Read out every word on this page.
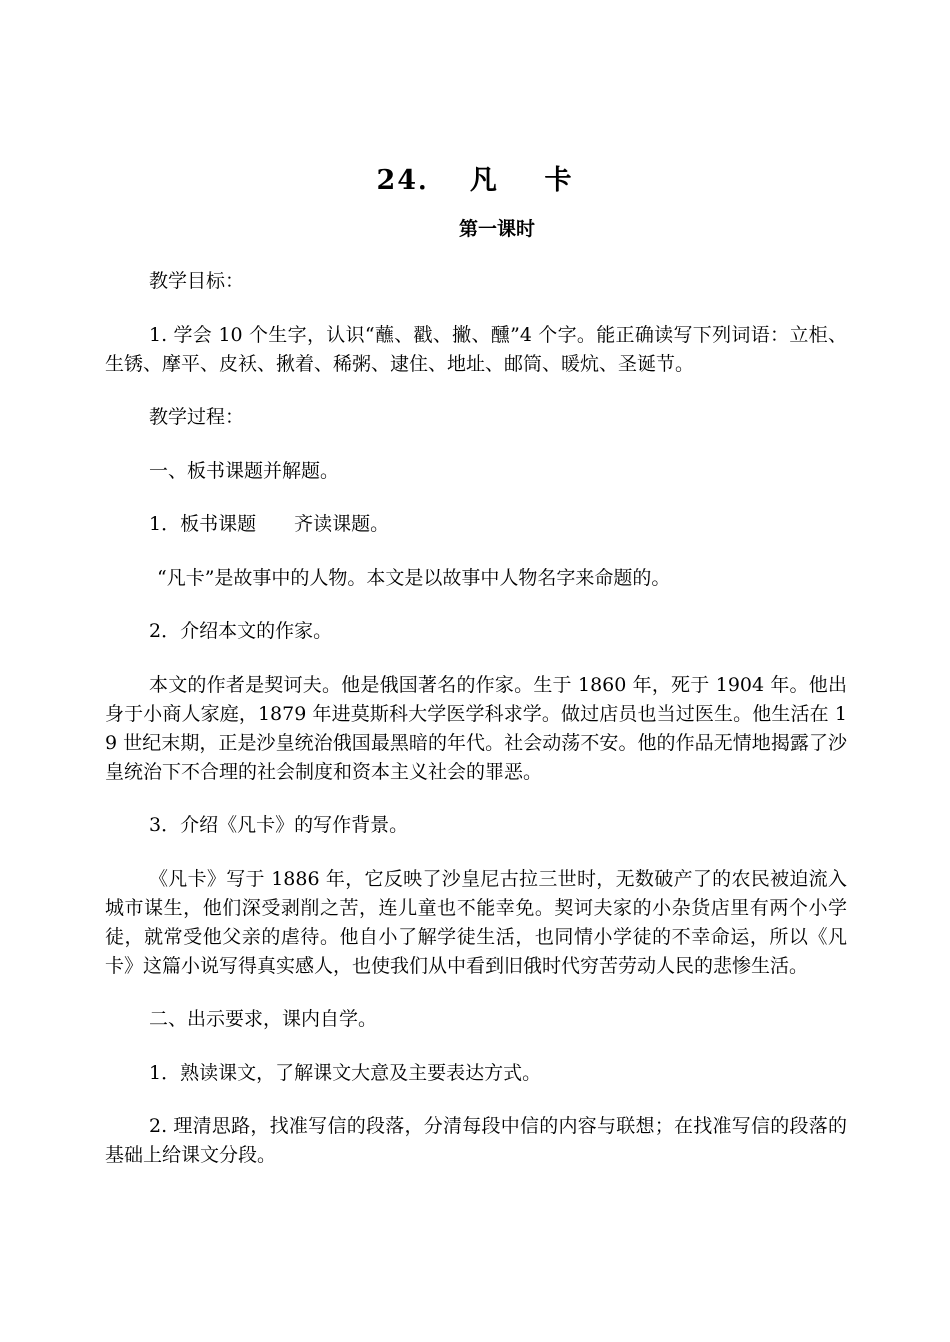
24．  凡    卡
第一课时

教学目标：

1. 学会 10 个生字，认识“蘸、戳、撇、醺”4 个字。能正确读写下列词语：立柜、生锈、摩平、皮袄、揪着、稀粥、逮住、地址、邮筒、暖炕、圣诞节。

教学过程：

一、板书课题并解题。

1．板书课题　　齐读课题。

“凡卡”是故事中的人物。本文是以故事中人物名字来命题的。

2．介绍本文的作家。

本文的作者是契诃夫。他是俄国著名的作家。生于 1860 年，死于 1904 年。他出身于小商人家庭，1879 年进莫斯科大学医学科求学。做过店员也当过医生。他生活在 19 世纪末期，正是沙皇统治俄国最黑暗的年代。社会动荡不安。他的作品无情地揭露了沙皇统治下不合理的社会制度和资本主义社会的罪恶。

3．介绍《凡卡》的写作背景。

《凡卡》写于 1886 年，它反映了沙皇尼古拉三世时，无数破产了的农民被迫流入城市谋生，他们深受剥削之苦，连儿童也不能幸免。契诃夫家的小杂货店里有两个小学徒，就常受他父亲的虐待。他自小了解学徒生活，也同情小学徒的不幸命运，所以《凡卡》这篇小说写得真实感人，也使我们从中看到旧俄时代穷苦劳动人民的悲惨生活。

二、出示要求，课内自学。

1．熟读课文，了解课文大意及主要表达方式。

2. 理清思路，找准写信的段落，分清每段中信的内容与联想；在找准写信的段落的基础上给课文分段。
